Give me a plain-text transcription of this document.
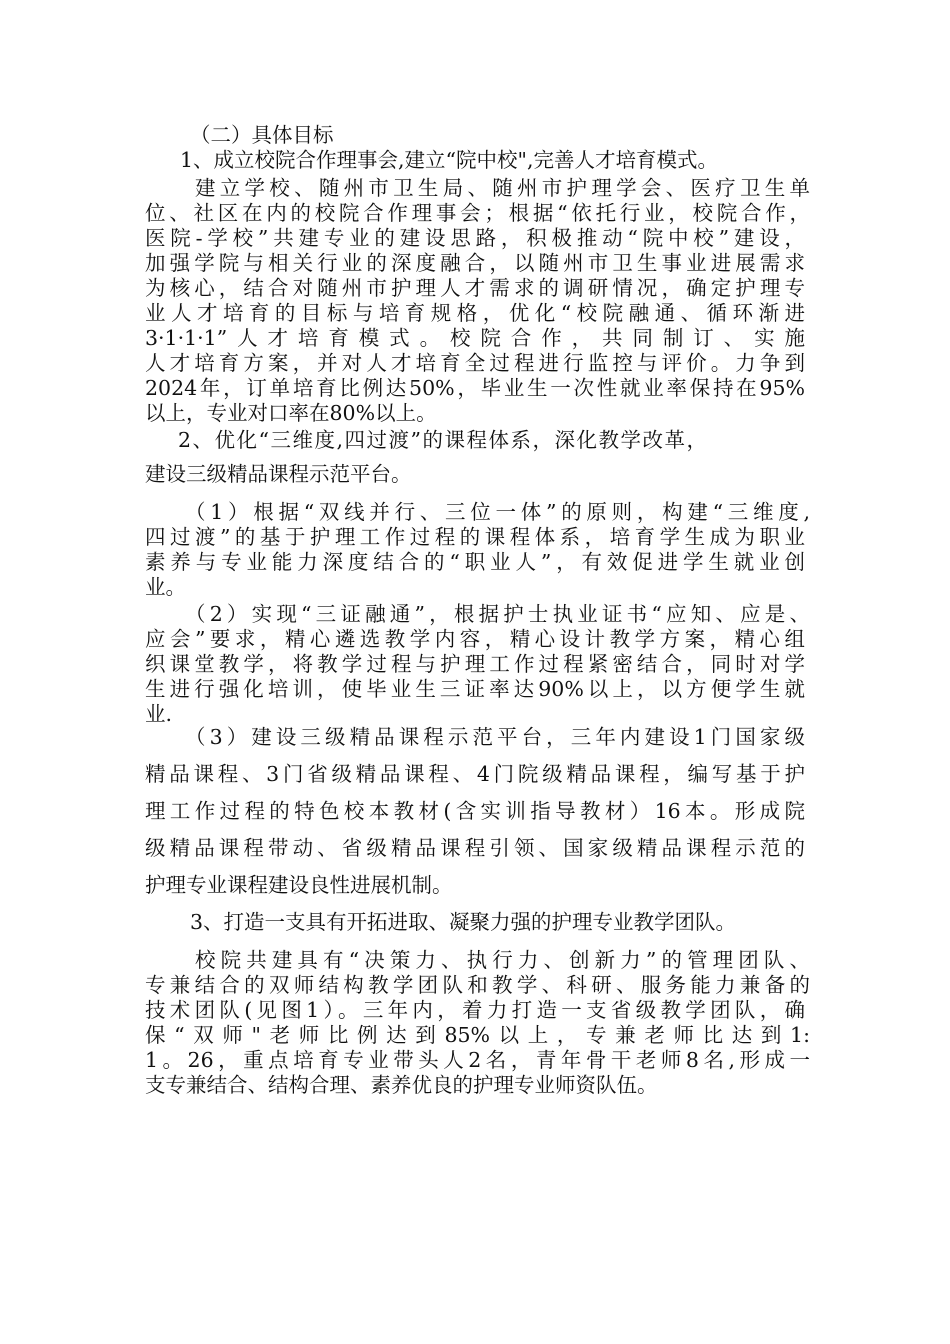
（二）具体目标
1、成立校院合作理事会,建立“院中校",完善人才培育模式。
建立学校、随州市卫生局、随州市护理学会、医疗卫生单
位、社区在内的校院合作理事会；根据“依托行业，校院合作，
医院-学校”共建专业的建设思路，积极推动“院中校”建设，
加强学院与相关行业的深度融合，以随州市卫生事业进展需求
为核心，结合对随州市护理人才需求的调研情况，确定护理专
业人才培育的目标与培育规格，优化“校院融通、循环渐进
3·1·1·1”人才培育模式。校院合作，共同制订、实施
人才培育方案，并对人才培育全过程进行监控与评价。力争到
2024年，订单培育比例达50%，毕业生一次性就业率保持在95%
以上，专业对口率在80%以上。
2、优化“三维度,四过渡”的课程体系，深化教学改革，
建设三级精品课程示范平台。
（1）根据“双线并行、三位一体”的原则，构建“三维度,
四过渡”的基于护理工作过程的课程体系，培育学生成为职业
素养与专业能力深度结合的“职业人”，有效促进学生就业创
业。
（2）实现“三证融通”，根据护士执业证书“应知、应是、
应会”要求，精心遴选教学内容，精心设计教学方案，精心组
织课堂教学，将教学过程与护理工作过程紧密结合，同时对学
生进行强化培训，使毕业生三证率达90%以上，以方便学生就
业.
（3）建设三级精品课程示范平台，三年内建设1门国家级
精品课程、3门省级精品课程、4门院级精品课程，编写基于护
理工作过程的特色校本教材(含实训指导教材）16本。形成院
级精品课程带动、省级精品课程引领、国家级精品课程示范的
护理专业课程建设良性进展机制。
3、打造一支具有开拓进取、凝聚力强的护理专业教学团队。
校院共建具有“决策力、执行力、创新力”的管理团队、
专兼结合的双师结构教学团队和教学、科研、服务能力兼备的
技术团队(见图1）。三年内，着力打造一支省级教学团队，确
保“双师"老师比例达到85%以上，专兼老师比达到1:
1。26，重点培育专业带头人2名，青年骨干老师8名,形成一
支专兼结合、结构合理、素养优良的护理专业师资队伍。
